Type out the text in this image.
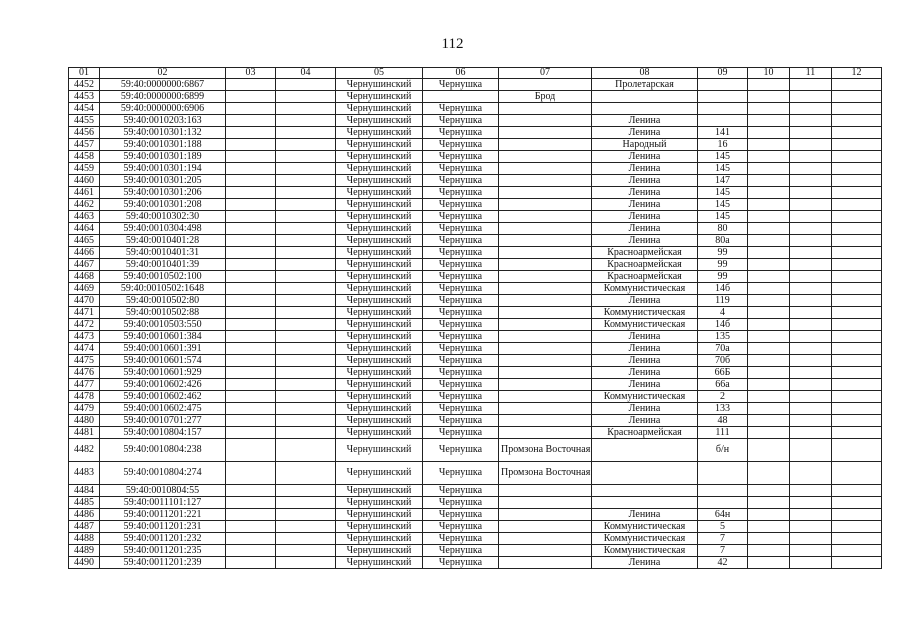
112
01	02	03	04	05	06	07	08	09	10	11	12
4452	59:40:0000000:6867			Чернушинский	Чернушка		Пролетарская				
4453	59:40:0000000:6899			Чернушинский		Брод					
4454	59:40:0000000:6906			Чернушинский	Чернушка						
4455	59:40:0010203:163			Чернушинский	Чернушка		Ленина				
4456	59:40:0010301:132			Чернушинский	Чернушка		Ленина	141			
4457	59:40:0010301:188			Чернушинский	Чернушка		Народный	16			
4458	59:40:0010301:189			Чернушинский	Чернушка		Ленина	145			
4459	59:40:0010301:194			Чернушинский	Чернушка		Ленина	145			
4460	59:40:0010301:205			Чернушинский	Чернушка		Ленина	147			
4461	59:40:0010301:206			Чернушинский	Чернушка		Ленина	145			
4462	59:40:0010301:208			Чернушинский	Чернушка		Ленина	145			
4463	59:40:0010302:30			Чернушинский	Чернушка		Ленина	145			
4464	59:40:0010304:498			Чернушинский	Чернушка		Ленина	80			
4465	59:40:0010401:28			Чернушинский	Чернушка		Ленина	80а			
4466	59:40:0010401:31			Чернушинский	Чернушка		Красноармейская	99			
4467	59:40:0010401:39			Чернушинский	Чернушка		Красноармейская	99			
4468	59:40:0010502:100			Чернушинский	Чернушка		Красноармейская	99			
4469	59:40:0010502:1648			Чернушинский	Чернушка		Коммунистическая	14б			
4470	59:40:0010502:80			Чернушинский	Чернушка		Ленина	119			
4471	59:40:0010502:88			Чернушинский	Чернушка		Коммунистическая	4			
4472	59:40:0010503:550			Чернушинский	Чернушка		Коммунистическая	14б			
4473	59:40:0010601:384			Чернушинский	Чернушка		Ленина	135			
4474	59:40:0010601:391			Чернушинский	Чернушка		Ленина	70а			
4475	59:40:0010601:574			Чернушинский	Чернушка		Ленина	70б			
4476	59:40:0010601:929			Чернушинский	Чернушка		Ленина	66Б			
4477	59:40:0010602:426			Чернушинский	Чернушка		Ленина	66а			
4478	59:40:0010602:462			Чернушинский	Чернушка		Коммунистическая	2			
4479	59:40:0010602:475			Чернушинский	Чернушка		Ленина	133			
4480	59:40:0010701:277			Чернушинский	Чернушка		Ленина	48			
4481	59:40:0010804:157			Чернушинский	Чернушка		Красноармейская	111			
4482	59:40:0010804:238			Чернушинский	Чернушка	Промзона Восточная		б/н			
4483	59:40:0010804:274			Чернушинский	Чернушка	Промзона Восточная					
4484	59:40:0010804:55			Чернушинский	Чернушка						
4485	59:40:0011101:127			Чернушинский	Чернушка						
4486	59:40:0011201:221			Чернушинский	Чернушка		Ленина	64н			
4487	59:40:0011201:231			Чернушинский	Чернушка		Коммунистическая	5			
4488	59:40:0011201:232			Чернушинский	Чернушка		Коммунистическая	7			
4489	59:40:0011201:235			Чернушинский	Чернушка		Коммунистическая	7			
4490	59:40:0011201:239			Чернушинский	Чернушка		Ленина	42			
